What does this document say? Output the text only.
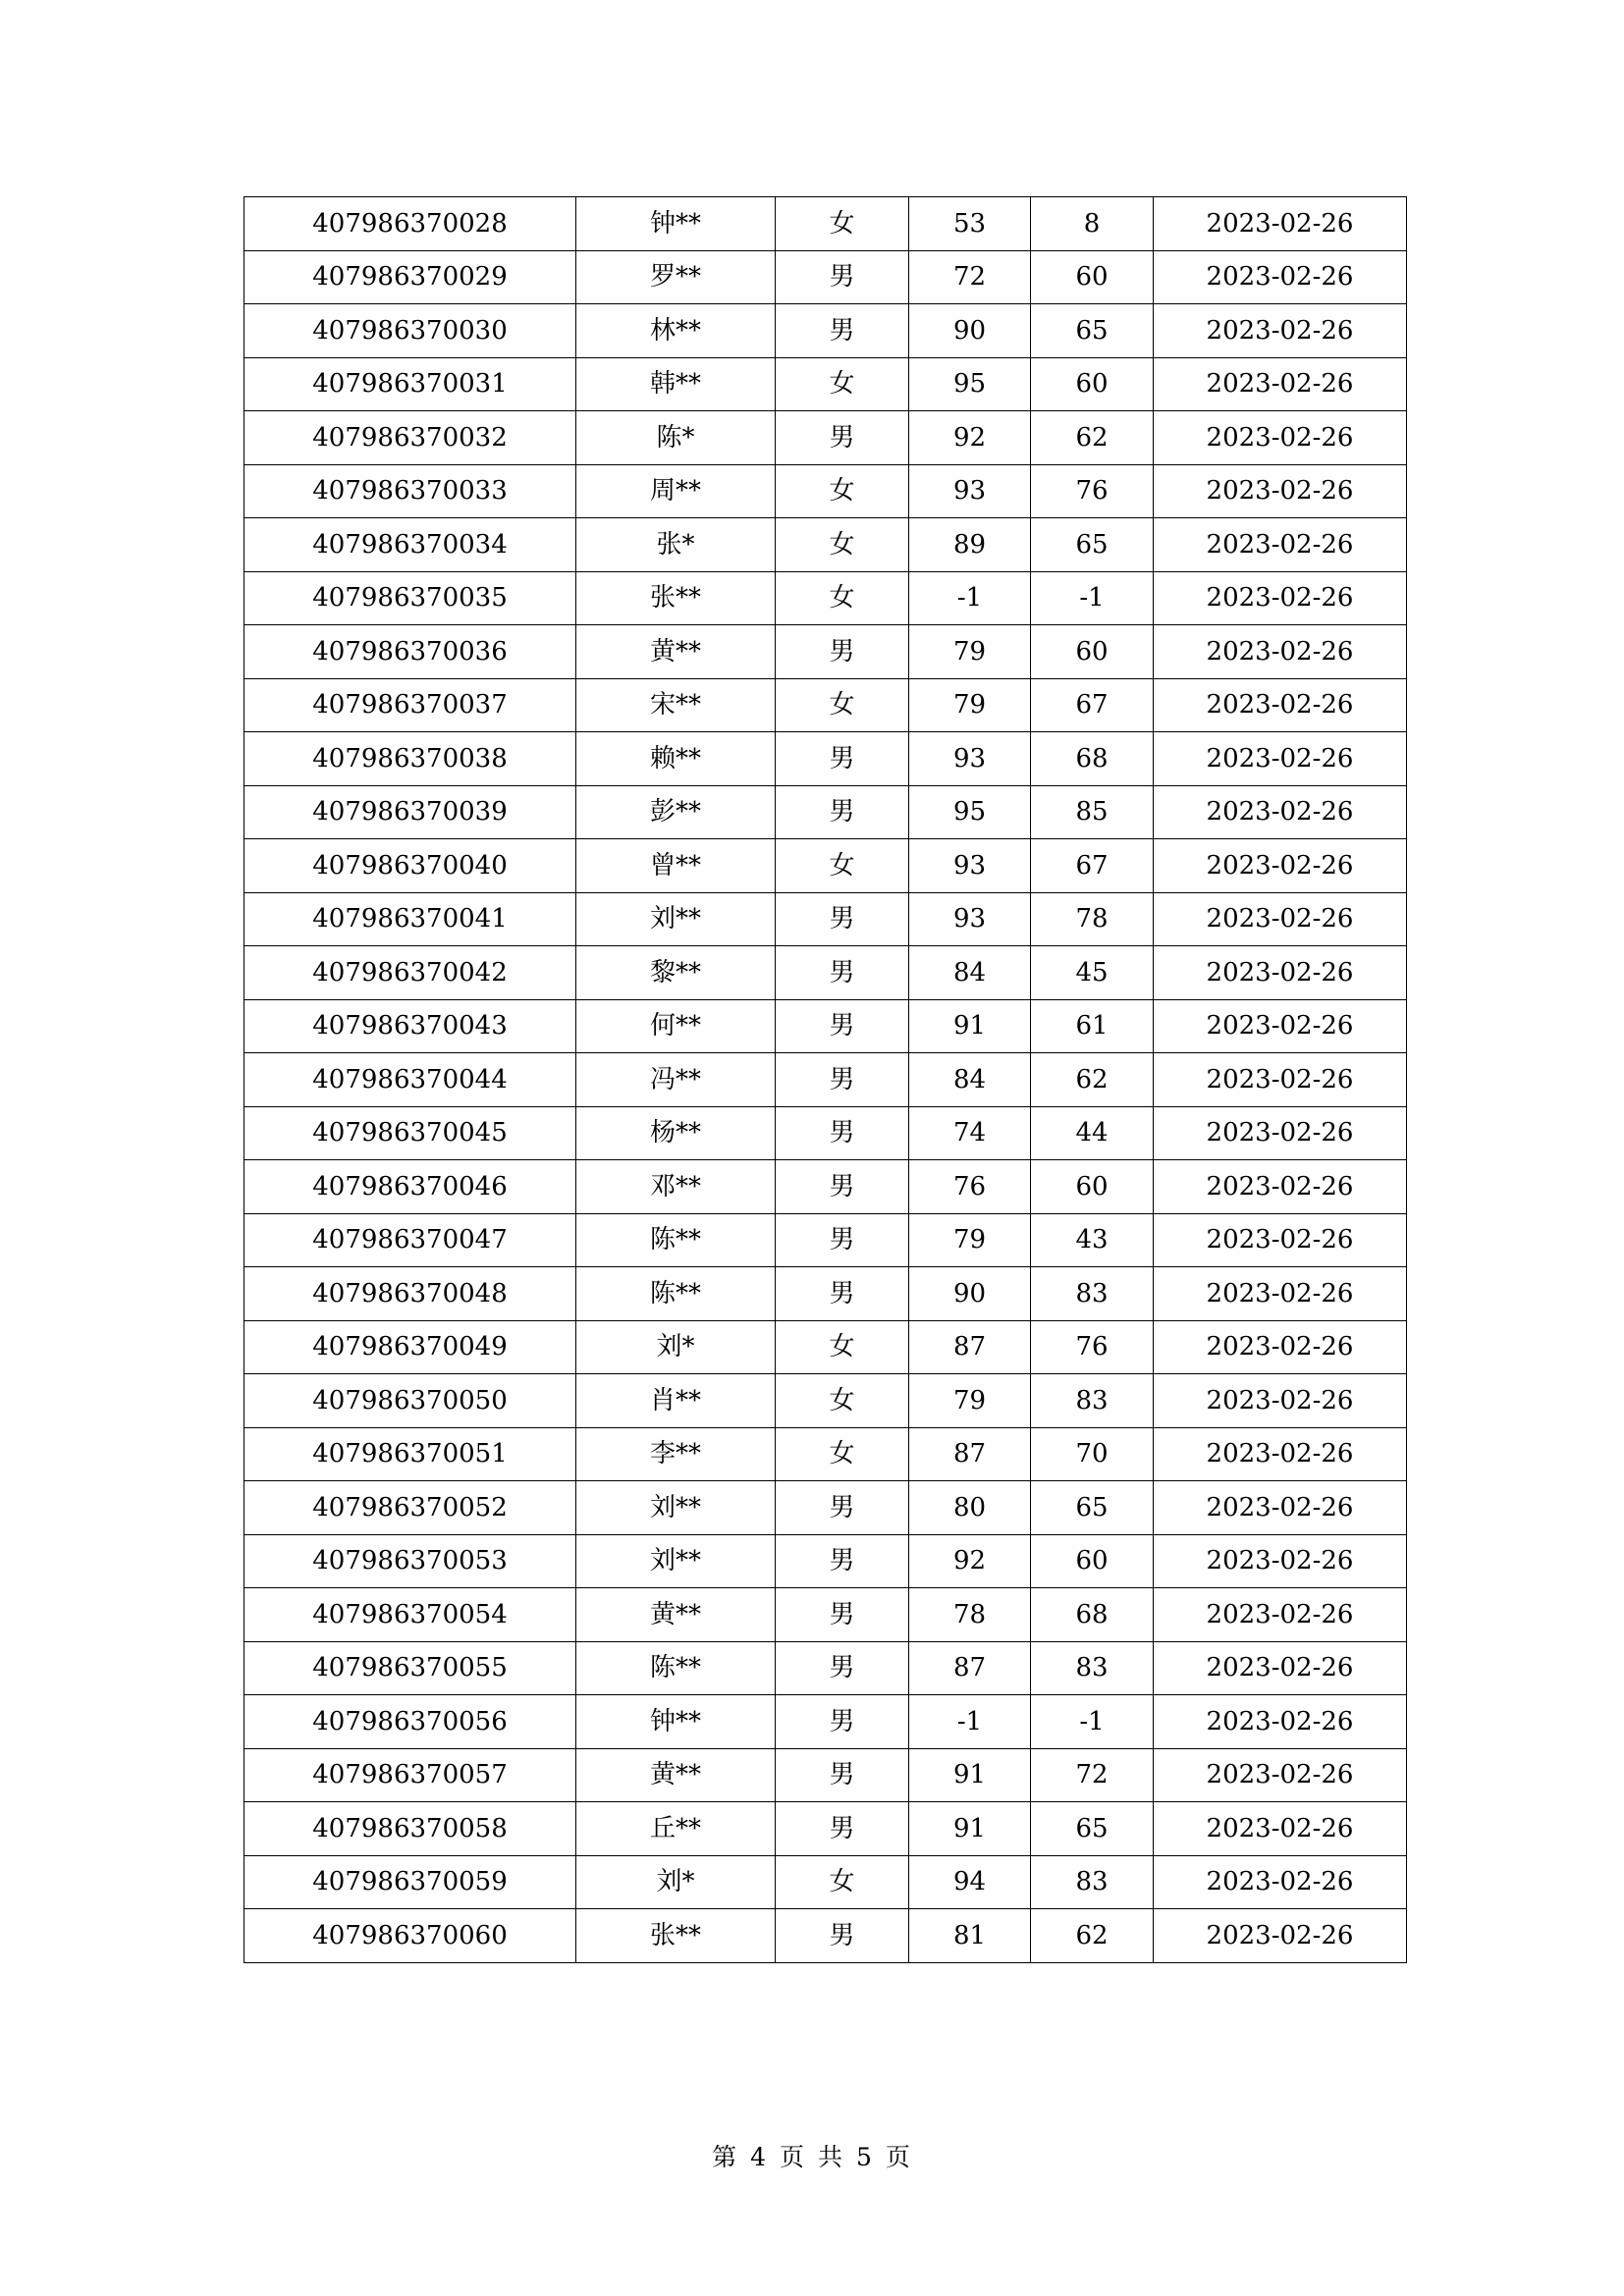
407986370028	钟**	女	53	8	2023-02-26
407986370029	罗**	男	72	60	2023-02-26
407986370030	林**	男	90	65	2023-02-26
407986370031	韩**	女	95	60	2023-02-26
407986370032	陈*	男	92	62	2023-02-26
407986370033	周**	女	93	76	2023-02-26
407986370034	张*	女	89	65	2023-02-26
407986370035	张**	女	-1	-1	2023-02-26
407986370036	黄**	男	79	60	2023-02-26
407986370037	宋**	女	79	67	2023-02-26
407986370038	赖**	男	93	68	2023-02-26
407986370039	彭**	男	95	85	2023-02-26
407986370040	曾**	女	93	67	2023-02-26
407986370041	刘**	男	93	78	2023-02-26
407986370042	黎**	男	84	45	2023-02-26
407986370043	何**	男	91	61	2023-02-26
407986370044	冯**	男	84	62	2023-02-26
407986370045	杨**	男	74	44	2023-02-26
407986370046	邓**	男	76	60	2023-02-26
407986370047	陈**	男	79	43	2023-02-26
407986370048	陈**	男	90	83	2023-02-26
407986370049	刘*	女	87	76	2023-02-26
407986370050	肖**	女	79	83	2023-02-26
407986370051	李**	女	87	70	2023-02-26
407986370052	刘**	男	80	65	2023-02-26
407986370053	刘**	男	92	60	2023-02-26
407986370054	黄**	男	78	68	2023-02-26
407986370055	陈**	男	87	83	2023-02-26
407986370056	钟**	男	-1	-1	2023-02-26
407986370057	黄**	男	91	72	2023-02-26
407986370058	丘**	男	91	65	2023-02-26
407986370059	刘*	女	94	83	2023-02-26
407986370060	张**	男	81	62	2023-02-26
第 4 页 共 5 页
